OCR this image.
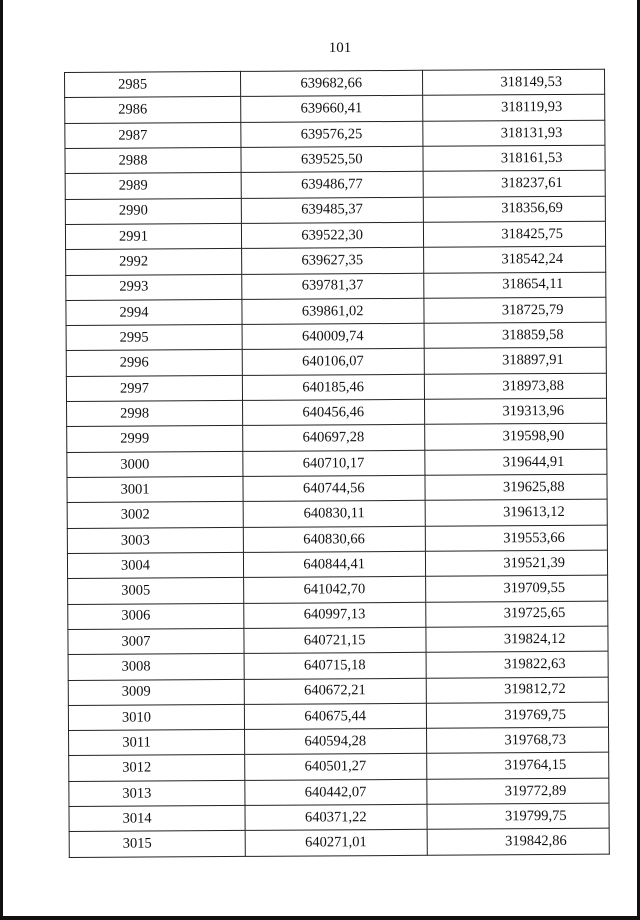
101
2985	639682,66	318149,53
2986	639660,41	318119,93
2987	639576,25	318131,93
2988	639525,50	318161,53
2989	639486,77	318237,61
2990	639485,37	318356,69
2991	639522,30	318425,75
2992	639627,35	318542,24
2993	639781,37	318654,11
2994	639861,02	318725,79
2995	640009,74	318859,58
2996	640106,07	318897,91
2997	640185,46	318973,88
2998	640456,46	319313,96
2999	640697,28	319598,90
3000	640710,17	319644,91
3001	640744,56	319625,88
3002	640830,11	319613,12
3003	640830,66	319553,66
3004	640844,41	319521,39
3005	641042,70	319709,55
3006	640997,13	319725,65
3007	640721,15	319824,12
3008	640715,18	319822,63
3009	640672,21	319812,72
3010	640675,44	319769,75
3011	640594,28	319768,73
3012	640501,27	319764,15
3013	640442,07	319772,89
3014	640371,22	319799,75
3015	640271,01	319842,86
